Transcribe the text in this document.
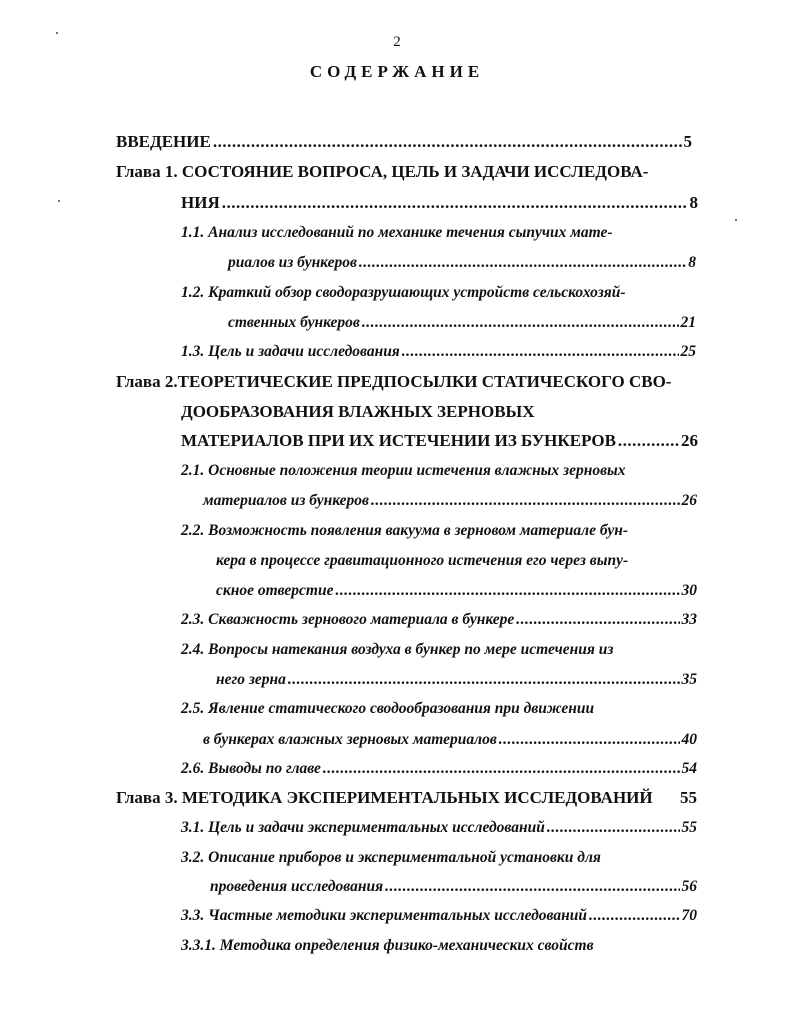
2
СОДЕРЖАНИЕ
ВВЕДЕНИЕ .....	5
Глава 1. СОСТОЯНИЕ ВОПРОСА, ЦЕЛЬ И ЗАДАЧИ ИССЛЕДОВА-
НИЯ .....	8
1.1. Анализ исследований по механике течения сыпучих мате-
риалов из бункеров .....	8
1.2. Краткий обзор сводоразрушающих устройств сельскохозяй-
ственных бункеров .....	21
1.3. Цель и задачи исследования .....	25
Глава 2.ТЕОРЕТИЧЕСКИЕ ПРЕДПОСЫЛКИ СТАТИЧЕСКОГО СВО-
ДООБРАЗОВАНИЯ ВЛАЖНЫХ ЗЕРНОВЫХ
МАТЕРИАЛОВ ПРИ ИХ ИСТЕЧЕНИИ ИЗ БУНКЕРОВ .....	26
2.1. Основные положения теории истечения влажных зерновых
материалов из бункеров .....	26
2.2. Возможность появления вакуума в зерновом материале бун-
кера в процессе гравитационного истечения его через выпу-
скное отверстие .....	30
2.3. Скважность зернового материала в бункере .....	33
2.4. Вопросы натекания воздуха в бункер по мере истечения из
него зерна .....	35
2.5. Явление статического сводообразования при движении
в бункерах влажных зерновых материалов .....	40
2.6. Выводы по главе .....	54
Глава 3. МЕТОДИКА ЭКСПЕРИМЕНТАЛЬНЫХ ИССЛЕДОВАНИЙ 55
3.1. Цель и задачи экспериментальных исследований .....	55
3.2. Описание приборов и экспериментальной установки для
проведения исследования .....	56
3.3. Частные методики экспериментальных исследований .....	70
3.3.1. Методика определения физико-механических свойств
